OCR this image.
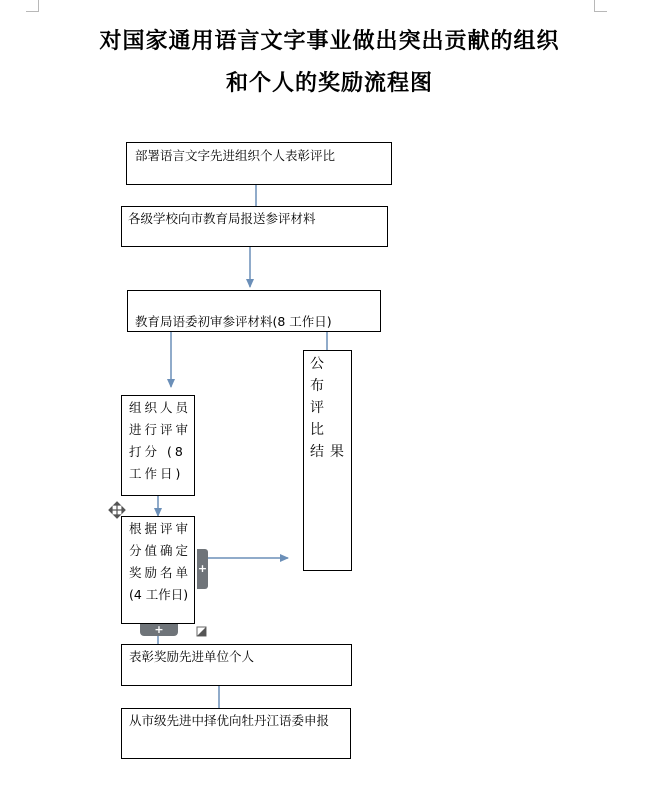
对国家通用语言文字事业做出突出贡献的组织
和个人的奖励流程图
部署语言文字先进组织个人表彰评比
各级学校向市教育局报送参评材料
教育局语委初审参评材料(8 工作日)
公 布
评 比
结果
组织人员
进行评审
打分 (8
工作日)
根据评审
分值确定
奖励名单
(4 工作日)
表彰奖励先进单位个人
从市级先进中择优向牡丹江语委申报
+
+
